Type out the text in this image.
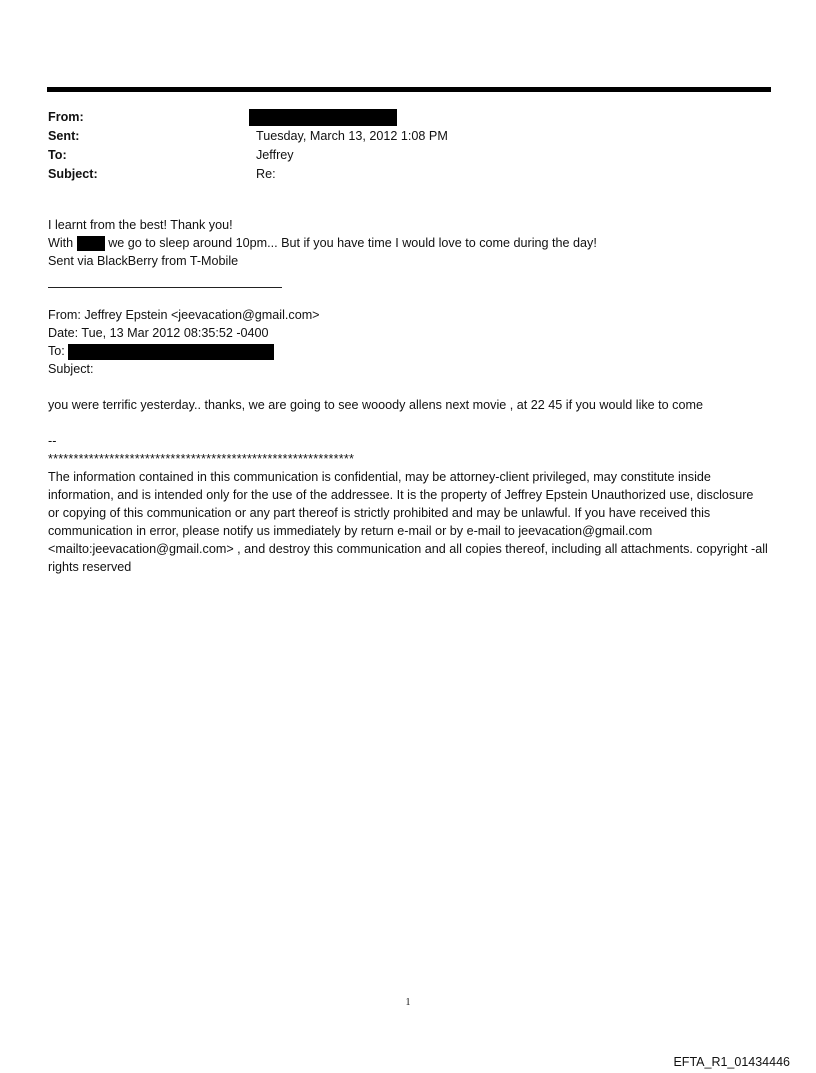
From:
Sent:	Tuesday, March 13, 2012 1:08 PM
To:	Jeffrey
Subject:	Re:
I learnt from the best! Thank you!
With	we go to sleep around 10pm... But if you have time I would love to come during the day!
Sent via BlackBerry from T-Mobile
From: Jeffrey Epstein <jeevacation@gmail.com>
Date: Tue, 13 Mar 2012 08:35:52 -0400
To:
Subject:
you were terrific yesterday.. thanks, we are going to see wooody allens next movie , at 22 45 if you would like to come
--
************************************************************
The information contained in this communication is confidential, may be attorney-client privileged, may constitute inside information, and is intended only for the use of the addressee. It is the property of Jeffrey Epstein Unauthorized use, disclosure or copying of this communication or any part thereof is strictly prohibited and may be unlawful. If you have received this communication in error, please notify us immediately by return e-mail or by e-mail to jeevacation@gmail.com <mailto:jeevacation@gmail.com> , and destroy this communication and all copies thereof, including all attachments. copyright -all rights reserved
1
EFTA_R1_01434446
